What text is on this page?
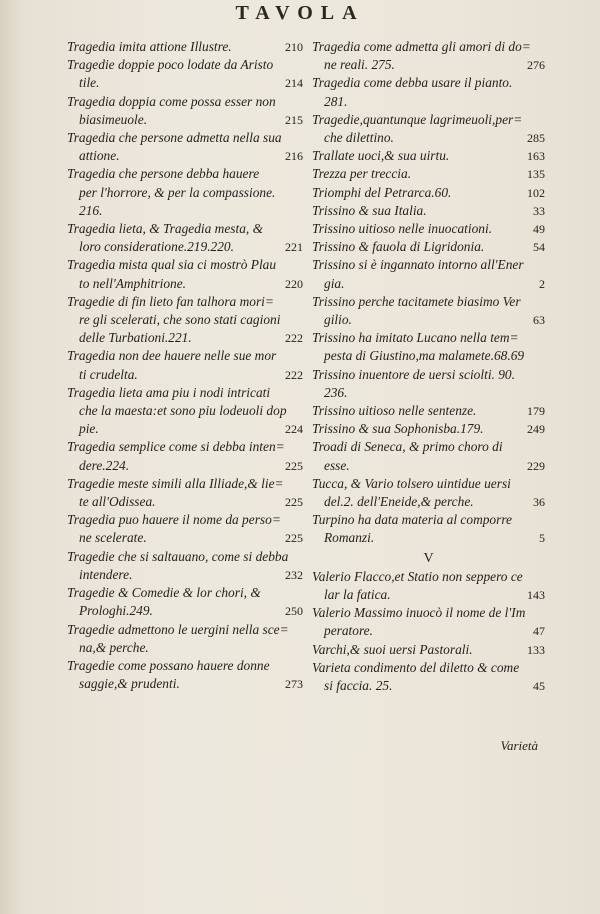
TAVOLA
Tragedia imita attione Illustre.	210
Tragedie doppie poco lodate da Aristo
tile.	214
Tragedia doppia come possa esser non
biasimeuole.	215
Tragedia che persone admetta nella sua
attione.	216
Tragedia che persone debba hauere
per l'horrore, & per la compassione.
216.
Tragedia lieta, & Tragedia mesta, &
loro consideratione.219.220.	221
Tragedia mista qual sia ci mostrò Plau
to nell'Amphitrione.	220
Tragedie di fin lieto fan talhora mori=
re gli scelerati, che sono stati cagioni
delle Turbationi.221.	222
Tragedia non dee hauere nelle sue mor
ti crudelta.	222
Tragedia lieta ama piu i nodi intricati
che la maesta:et sono piu lodeuoli dop
pie.	224
Tragedia semplice come si debba inten=
dere.224.	225
Tragedie meste simili alla Illiade,& lie=
te all'Odissea.	225
Tragedia puo hauere il nome da perso=
ne scelerate.	225
Tragedie che si saltauano, come si debba
intendere.	232
Tragedie & Comedie & lor chori, &
Prologhi.249.	250
Tragedie admettono le uergini nella sce=
na,& perche.
Tragedie come possano hauere donne
saggie,& prudenti.	273
Tragedia come admetta gli amori di do=
ne reali. 275.	276
Tragedia come debba usare il pianto.
281.
Tragedie,quantunque lagrimeuoli,per=
che dilettino.	285
Trallate uoci,& sua uirtu.	163
Trezza per treccia.	135
Triomphi del Petrarca.60.	102
Trissino & sua Italia.	33
Trissino uitioso nelle inuocationi.	49
Trissino & fauola di Ligridonia.	54
Trissino si è ingannato intorno all'Ener
gia.	2
Trissino perche tacitamete biasimo Ver
gilio.	63
Trissino ha imitato Lucano nella tem=
pesta di Giustino,ma malamete.68.69
Trissino inuentore de uersi sciolti. 90.
236.
Trissino uitioso nelle sentenze.	179
Trissino & sua Sophonisba.179.	249
Troadi di Seneca, & primo choro di
esse.	229
Tucca, & Vario tolsero uintidue uersi
del.2. dell'Eneide,& perche.	36
Turpino ha data materia al comporre
Romanzi.	5
V
Valerio Flacco,et Statio non seppero ce
lar la fatica.	143
Valerio Massimo inuocò il nome de l'Im
peratore.	47
Varchi,& suoi uersi Pastorali.	133
Varieta condimento del diletto & come
si faccia. 25.	45
Varietà
